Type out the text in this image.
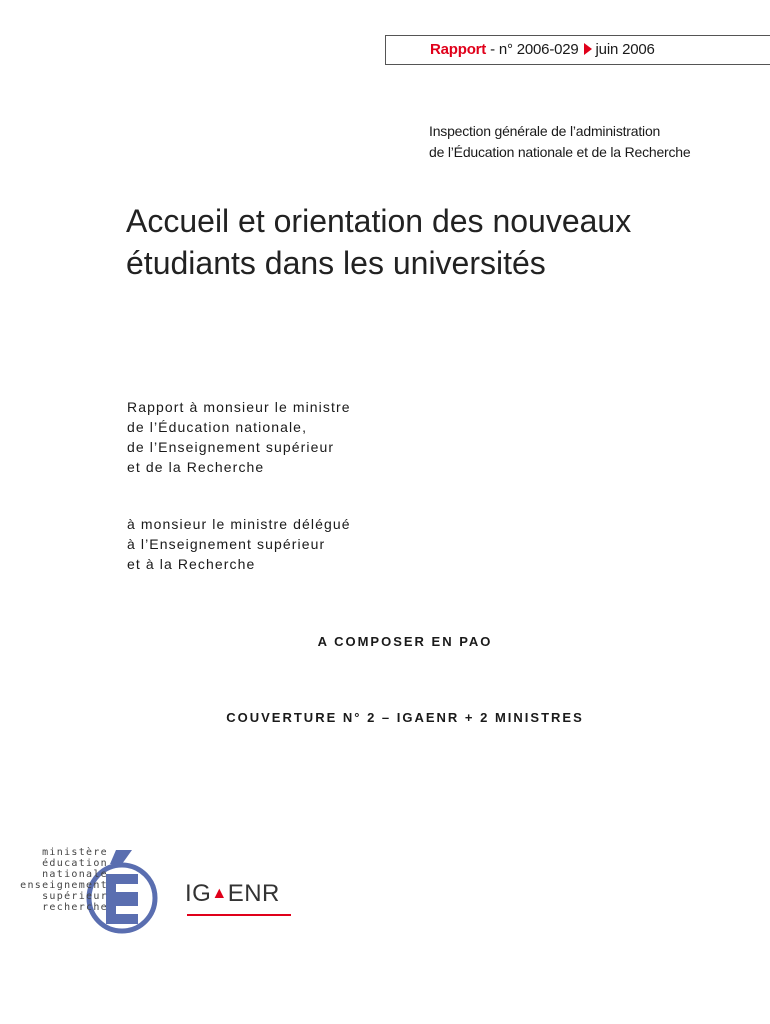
Rapport - n° 2006-029 juin 2006
Inspection générale de l’administration
de l’Éducation nationale et de la Recherche
Accueil et orientation des nouveaux
étudiants dans les universités
Rapport à monsieur le ministre
de l’Éducation nationale,
de l’Enseignement supérieur
et de la Recherche
à monsieur le ministre délégué
à l’Enseignement supérieur
et à la Recherche
A COMPOSER EN PAO
COUVERTURE N° 2 – IGAENR + 2 MINISTRES
ministère
éducation
nationale
enseignement
supérieur
recherche
IG▲ENR
